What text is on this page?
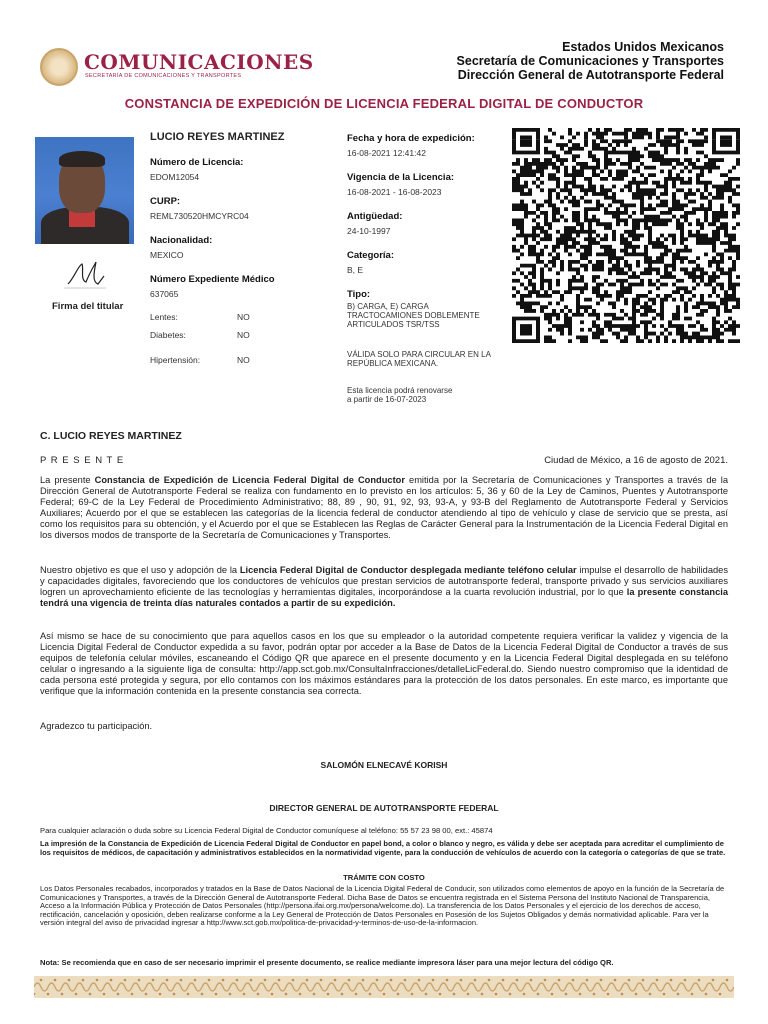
COMUNICACIONES
SECRETARÍA DE COMUNICACIONES Y TRANSPORTES
Estados Unidos Mexicanos
Secretaría de Comunicaciones y Transportes
Dirección General de Autotransporte Federal
CONSTANCIA DE EXPEDICIÓN DE LICENCIA FEDERAL DIGITAL DE CONDUCTOR
Firma del titular
LUCIO REYES MARTINEZ
Número de Licencia:
EDOM12054
CURP:
REML730520HMCYRC04
Nacionalidad:
MEXICO
Número Expediente Médico
637065
Lentes:	NO
Diabetes:	NO
Hipertensión:	NO
Fecha y hora de expedición:
16-08-2021 12:41:42
Vigencia de la Licencia:
16-08-2021 - 16-08-2023
Antigüedad:
24-10-1997
Categoría:
B, E
Tipo:
B) CARGA, E) CARGA
TRACTOCAMIONES DOBLEMENTE
ARTICULADOS TSR/TSS
VÁLIDA SOLO PARA CIRCULAR EN LA
REPÚBLICA MEXICANA.
Esta licencia podrá renovarse
a partir de 16-07-2023
C. LUCIO REYES MARTINEZ
P R E S E N T E	Ciudad de México, a 16 de agosto de 2021.
La presente Constancia de Expedición de Licencia Federal Digital de Conductor emitida por la Secretaría de Comunicaciones y Transportes a través de la Dirección General de Autotransporte Federal se realiza con fundamento en lo previsto en los artículos: 5, 36 y 60 de la Ley de Caminos, Puentes y Autotransporte Federal; 69-C de la Ley Federal de Procedimiento Administrativo; 88, 89 , 90, 91, 92, 93, 93-A, y 93-B del Reglamento de Autotransporte Federal y Servicios Auxiliares; Acuerdo por el que se establecen las categorías de la licencia federal de conductor atendiendo al tipo de vehículo y clase de servicio que se presta, así como los requisitos para su obtención, y el Acuerdo por el que se Establecen las Reglas de Carácter General para la Instrumentación de la Licencia Federal Digital en los diversos modos de transporte de la Secretaría de Comunicaciones y Transportes.
Nuestro objetivo es que el uso y adopción de la Licencia Federal Digital de Conductor desplegada mediante teléfono celular impulse el desarrollo de habilidades y capacidades digitales, favoreciendo que los conductores de vehículos que prestan servicios de autotransporte federal, transporte privado y sus servicios auxiliares logren un aprovechamiento eficiente de las tecnologías y herramientas digitales, incorporándose a la cuarta revolución industrial, por lo que la presente constancia tendrá una vigencia de treinta días naturales contados a partir de su expedición.
Así mismo se hace de su conocimiento que para aquellos casos en los que su empleador o la autoridad competente requiera verificar la validez y vigencia de la Licencia Digital Federal de Conductor expedida a su favor, podrán optar por acceder a la Base de Datos de la Licencia Federal Digital de Conductor a través de sus equipos de telefonía celular móviles, escaneando el Código QR que aparece en el presente documento y en la Licencia Federal Digital desplegada en su teléfono celular o ingresando a la siguiente liga de consulta: http://app.sct.gob.mx/ConsultaInfracciones/detalleLicFederal.do. Siendo nuestro compromiso que la identidad de cada persona esté protegida y segura, por ello contamos con los máximos estándares para la protección de los datos personales. En este marco, es importante que verifique que la información contenida en la presente constancia sea correcta.
Agradezco tu participación.
SALOMÓN ELNECAVÉ KORISH
DIRECTOR GENERAL DE AUTOTRANSPORTE FEDERAL
Para cualquier aclaración o duda sobre su Licencia Federal Digital de Conductor comuníquese al teléfono: 55 57 23 98 00, ext.: 45874
La impresión de la Constancia de Expedición de Licencia Federal Digital de Conductor en papel bond, a color o blanco y negro, es válida y debe ser aceptada para acreditar el cumplimiento de los requisitos de médicos, de capacitación y administrativos establecidos en la normatividad vigente, para la conducción de vehículos de acuerdo con la categoría o categorías de que se trate.
TRÁMITE CON COSTO
Los Datos Personales recabados, incorporados y tratados en la Base de Datos Nacional de la Licencia Digital Federal de Conducir, son utilizados como elementos de apoyo en la función de la Secretaría de Comunicaciones y Transportes, a través de la Dirección General de Autotransporte Federal. Dicha Base de Datos se encuentra registrada en el Sistema Persona del Instituto Nacional de Transparencia, Acceso a la Información Pública y Protección de Datos Personales (http://persona.ifai.org.mx/persona/welcome.do). La transferencia de los Datos Personales y el ejercicio de los derechos de acceso, rectificación, cancelación y oposición, deben realizarse conforme a la Ley General de Protección de Datos Personales en Posesión de los Sujetos Obligados y demás normatividad aplicable. Para ver la versión integral del aviso de privacidad ingresar a http://www.sct.gob.mx/politica-de-privacidad-y-terminos-de-uso-de-la-informacion.
Nota: Se recomienda que en caso de ser necesario imprimir el presente documento, se realice mediante impresora láser para una mejor lectura del código QR.
